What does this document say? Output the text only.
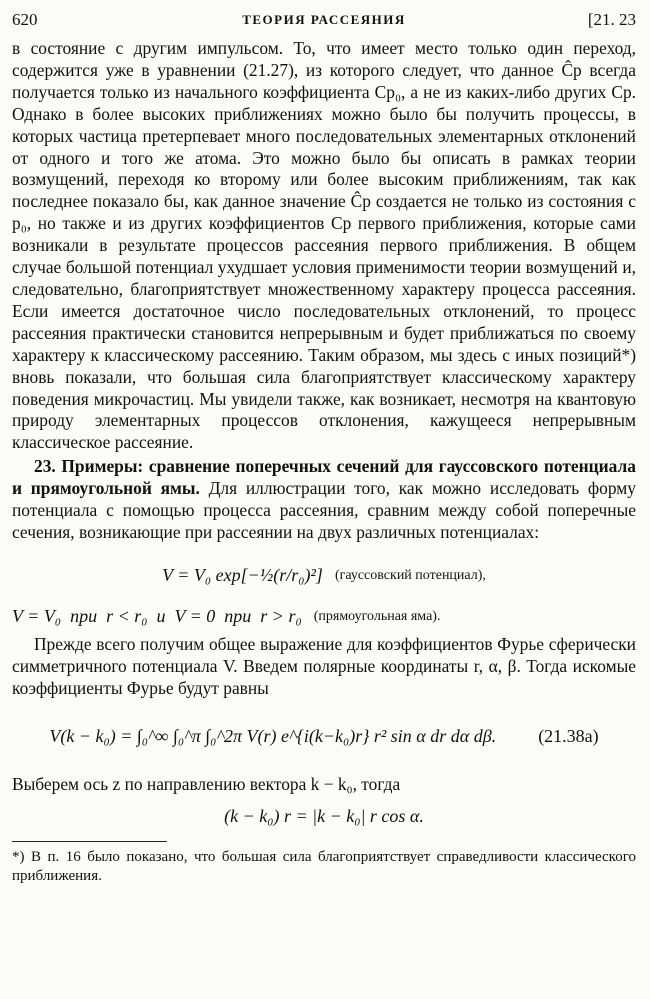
620	ТЕОРИЯ РАССЕЯНИЯ	[21. 23

в состояние с другим импульсом. То, что имеет место только один переход, содержится уже в уравнении (21.27), из которого следует, что данное Ĉp всегда получается только из начального коэффициента Cp₀, а не из каких-либо других Cp. Однако в более высоких приближениях можно было бы получить процессы, в которых частица претерпевает много последовательных элементарных отклонений от одного и того же атома. Это можно было бы описать в рамках теории возмущений, переходя ко второму или более высоким приближениям, так как последнее показало бы, как данное значение Ĉp создается не только из состояния с p₀, но также и из других коэффициентов Cp первого приближения, которые сами возникали в результате процессов рассеяния первого приближения. В общем случае большой потенциал ухудшает условия применимости теории возмущений и, следовательно, благоприятствует множественному характеру процесса рассеяния. Если имеется достаточное число последовательных отклонений, то процесс рассеяния практически становится непрерывным и будет приближаться по своему характеру к классическому рассеянию. Таким образом, мы здесь с иных позиций*) вновь показали, что большая сила благоприятствует классическому характеру поведения микрочастиц. Мы увидели также, как возникает, несмотря на квантовую природу элементарных процессов отклонения, кажущееся непрерывным классическое рассеяние.

23. Примеры: сравнение поперечных сечений для гауссовского потенциала и прямоугольной ямы. Для иллюстрации того, как можно исследовать форму потенциала с помощью процесса рассеяния, сравним между собой поперечные сечения, возникающие при рассеянии на двух различных потенциалах:

V = V₀ exp[−½(r/r₀)²] (гауссовский потенциал),
V = V₀  при  r < r₀  и  V = 0  при  r > r₀ (прямоугольная яма).

Прежде всего получим общее выражение для коэффициентов Фурье сферически симметричного потенциала V. Введем полярные координаты r, α, β. Тогда искомые коэффициенты Фурье будут равны

V(k − k₀) = ∫₀^∞ ∫₀^π ∫₀^2π V(r) e^{i(k−k₀)r} r² sin α dr dα dβ. (21.38a)

Выберем ось z по направлению вектора k − k₀, тогда

(k − k₀) r = |k − k₀| r cos α.
*) В п. 16 было показано, что большая сила благоприятствует справедливости классического приближения.
